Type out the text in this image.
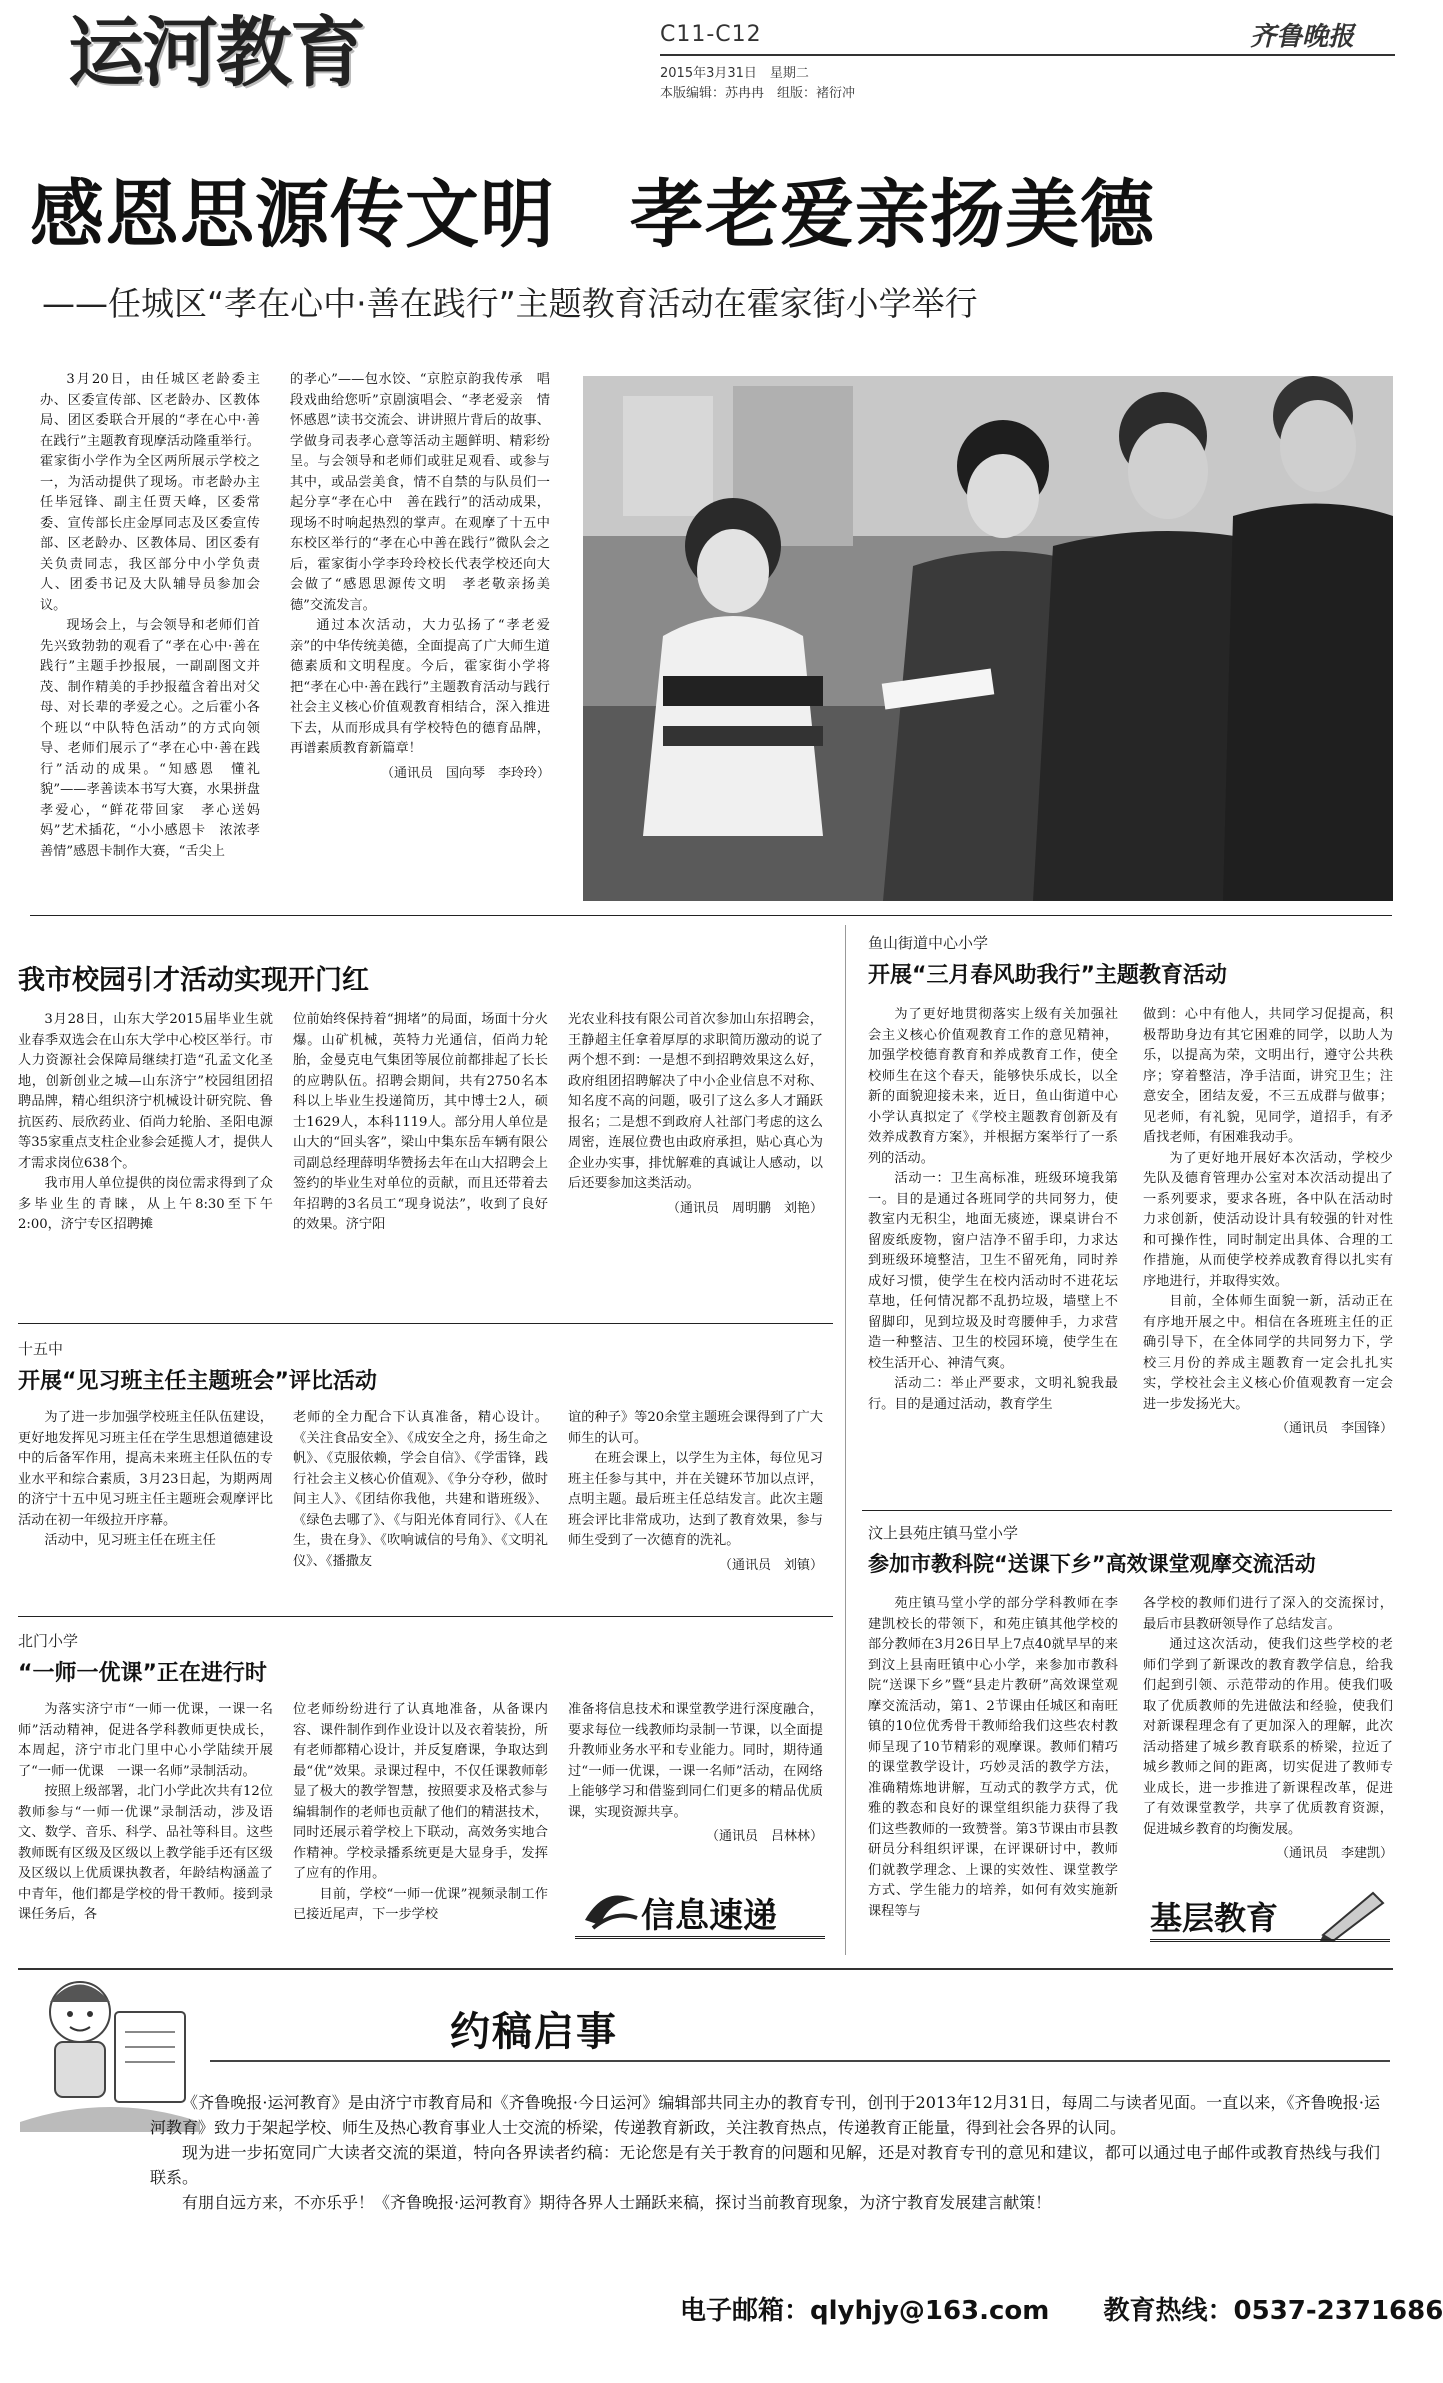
运河教育	C11-C12
2015年3月31日　星期二
本版编辑：苏冉冉　组版：褚衍冲
齐鲁晚报
感恩思源传文明　孝老爱亲扬美德
——任城区“孝在心中·善在践行”主题教育活动在霍家街小学举行

3月20日，由任城区老龄委主办、区委宣传部、区老龄办、区教体局、团区委联合开展的“孝在心中·善在践行”主题教育现摩活动隆重举行。霍家街小学作为全区两所展示学校之一，为活动提供了现场。市老龄办主任毕冠锋、副主任贾天峰，区委常委、宣传部长庄金厚同志及区委宣传部、区老龄办、区教体局、团区委有关负责同志，我区部分中小学负责人、团委书记及大队辅导员参加会议。

现场会上，与会领导和老师们首先兴致勃勃的观看了“孝在心中·善在践行”主题手抄报展，一副副图文并茂、制作精美的手抄报蕴含着出对父母、对长辈的孝爱之心。之后霍小各个班以“中队特色活动”的方式向领导、老师们展示了“孝在心中·善在践行”活动的成果。“知感恩　懂礼貌”——孝善读本书写大赛，水果拼盘孝爱心，“鲜花带回家　孝心送妈妈”艺术插花，“小小感恩卡　浓浓孝善情”感恩卡制作大赛，“舌尖上

的孝心”——包水饺、“京腔京韵我传承　唱段戏曲给您听”京剧演唱会、“孝老爱亲　情怀感恩”读书交流会、讲讲照片背后的故事、学做身司表孝心意等活动主题鲜明、精彩纷呈。与会领导和老师们或驻足观看、或参与其中，或品尝美食，情不自禁的与队员们一起分享“孝在心中　善在践行”的活动成果，现场不时响起热烈的掌声。在观摩了十五中东校区举行的“孝在心中善在践行”微队会之后，霍家街小学李玲玲校长代表学校还向大会做了“感恩思源传文明　孝老敬亲扬美德”交流发言。

通过本次活动，大力弘扬了“孝老爱亲”的中华传统美德，全面提高了广大师生道德素质和文明程度。今后，霍家街小学将把“孝在心中·善在践行”主题教育活动与践行社会主义核心价值观教育相结合，深入推进下去，从而形成具有学校特色的德育品牌，再谱素质教育新篇章！

（通讯员　国向琴　李玲玲）

我市校园引才活动实现开门红

3月28日，山东大学2015届毕业生就业春季双选会在山东大学中心校区举行。市人力资源社会保障局继续打造“孔孟文化圣地，创新创业之城—山东济宁”校园组团招聘品牌，精心组织济宁机械设计研究院、鲁抗医药、辰欣药业、佰尚力轮胎、圣阳电源等35家重点支柱企业参会延揽人才，提供人才需求岗位638个。

我市用人单位提供的岗位需求得到了众多毕业生的青睐，从上午8:30至下午2:00，济宁专区招聘摊

位前始终保持着“拥堵”的局面，场面十分火爆。山矿机械，英特力光通信，佰尚力轮胎，金曼克电气集团等展位前都排起了长长的应聘队伍。招聘会期间，共有2750名本科以上毕业生投递简历，其中博士2人，硕士1629人，本科1119人。部分用人单位是山大的“回头客”，梁山中集东岳车辆有限公司副总经理薛明华赞扬去年在山大招聘会上签约的毕业生对单位的贡献，而且还带着去年招聘的3名员工“现身说法”，收到了良好的效果。济宁阳

光农业科技有限公司首次参加山东招聘会，王静超主任拿着厚厚的求职简历激动的说了两个想不到：一是想不到招聘效果这么好，政府组团招聘解决了中小企业信息不对称、知名度不高的问题，吸引了这么多人才踊跃报名；二是想不到政府人社部门考虑的这么周密，连展位费也由政府承担，贴心真心为企业办实事，排忧解难的真诚让人感动，以后还要参加这类活动。

（通讯员　周明鹏　刘艳）

十五中
开展“见习班主任主题班会”评比活动

为了进一步加强学校班主任队伍建设，更好地发挥见习班主任在学生思想道德建设中的后备军作用，提高未来班主任队伍的专业水平和综合素质，3月23日起，为期两周的济宁十五中见习班主任主题班会观摩评比活动在初一年级拉开序幕。

活动中，见习班主任在班主任

老师的全力配合下认真准备，精心设计。《关注食品安全》、《成安全之舟，扬生命之帆》、《克服依赖，学会自信》、《学雷锋，践行社会主义核心价值观》、《争分夺秒，做时间主人》、《团结你我他，共建和谐班级》、《绿色去哪了》、《与阳光体育同行》、《人在生，贵在身》、《吹响诚信的号角》、《文明礼仪》、《播撒友

谊的种子》等20余堂主题班会课得到了广大师生的认可。

在班会课上，以学生为主体，每位见习班主任参与其中，并在关键环节加以点评，点明主题。最后班主任总结发言。此次主题班会评比非常成功，达到了教育效果，参与师生受到了一次德育的洗礼。

（通讯员　刘镇）

北门小学
“一师一优课”正在进行时

为落实济宁市“一师一优课，一课一名师”活动精神，促进各学科教师更快成长，本周起，济宁市北门里中心小学陆续开展了“一师一优课　一课一名师”录制活动。

按照上级部署，北门小学此次共有12位教师参与“一师一优课”录制活动，涉及语文、数学、音乐、科学、品社等科目。这些教师既有区级及区级以上教学能手还有区级及区级以上优质课执教者，年龄结构涵盖了中青年，他们都是学校的骨干教师。接到录课任务后，各

位老师纷纷进行了认真地准备，从备课内容、课件制作到作业设计以及衣着装扮，所有老师都精心设计，并反复磨课，争取达到最“优”效果。录课过程中，不仅任课教师彰显了极大的教学智慧，按照要求及格式参与编辑制作的老师也贡献了他们的精湛技术，同时还展示着学校上下联动，高效务实地合作精神。学校录播系统更是大显身手，发挥了应有的作用。

目前，学校“一师一优课”视频录制工作已接近尾声，下一步学校

准备将信息技术和课堂教学进行深度融合，要求每位一线教师均录制一节课，以全面提升教师业务水平和专业能力。同时，期待通过“一师一优课，一课一名师”活动，在网络上能够学习和借鉴到同仁们更多的精品优质课，实现资源共享。

（通讯员　吕林林）

信息速递
鱼山街道中心小学
开展“三月春风助我行”主题教育活动

为了更好地贯彻落实上级有关加强社会主义核心价值观教育工作的意见精神，加强学校德育教育和养成教育工作，使全校师生在这个春天，能够快乐成长，以全新的面貌迎接未来，近日，鱼山街道中心小学认真拟定了《学校主题教育创新及有效养成教育方案》，并根据方案举行了一系列的活动。

活动一：卫生高标准，班级环境我第一。目的是通过各班同学的共同努力，使教室内无积尘，地面无痰迹，课桌讲台不留废纸废物，窗户洁净不留手印，力求达到班级环境整洁，卫生不留死角，同时养成好习惯，使学生在校内活动时不进花坛草地，任何情况都不乱扔垃圾，墙壁上不留脚印，见到垃圾及时弯腰伸手，力求营造一种整洁、卫生的校园环境，使学生在校生活开心、神清气爽。

活动二：举止严要求，文明礼貌我最行。目的是通过活动，教育学生

做到：心中有他人，共同学习促提高，积极帮助身边有其它困难的同学，以助人为乐，以提高为荣，文明出行，遵守公共秩序；穿着整洁，净手洁面，讲究卫生；注意安全，团结友爱，不三五成群与做事；见老师，有礼貌，见同学，道招手，有矛盾找老师，有困难我动手。

为了更好地开展好本次活动，学校少先队及德育管理办公室对本次活动提出了一系列要求，要求各班，各中队在活动时力求创新，使活动设计具有较强的针对性和可操作性，同时制定出具体、合理的工作措施，从而使学校养成教育得以扎实有序地进行，并取得实效。

目前，全体师生面貌一新，活动正在有序地开展之中。相信在各班班主任的正确引导下，在全体同学的共同努力下，学校三月份的养成主题教育一定会扎扎实实，学校社会主义核心价值观教育一定会进一步发扬光大。

（通讯员　李国锋）

汶上县苑庄镇马堂小学
参加市教科院“送课下乡”高效课堂观摩交流活动

苑庄镇马堂小学的部分学科教师在李建凯校长的带领下，和苑庄镇其他学校的部分教师在3月26日早上7点40就早早的来到汶上县南旺镇中心小学，来参加市教科院“送课下乡”暨“县走片教研”高效课堂观摩交流活动，第1、2节课由任城区和南旺镇的10位优秀骨干教师给我们这些农村教师呈现了10节精彩的观摩课。教师们精巧的课堂教学设计，巧妙灵活的教学方法，准确精炼地讲解，互动式的教学方式，优雅的教态和良好的课堂组织能力获得了我们这些教师的一致赞誉。第3节课由市县教研员分科组织评课，在评课研讨中，教师们就教学理念、上课的实效性、课堂教学方式、学生能力的培养，如何有效实施新课程等与

各学校的教师们进行了深入的交流探讨，最后市县教研领导作了总结发言。

通过这次活动，使我们这些学校的老师们学到了新课改的教育教学信息，给我们起到引领、示范带动的作用。使我们吸取了优质教师的先进做法和经验，使我们对新课程理念有了更加深入的理解，此次活动搭建了城乡教育联系的桥梁，拉近了城乡教师之间的距离，切实促进了教师专业成长，进一步推进了新课程改革，促进了有效课堂教学，共享了优质教育资源，促进城乡教育的均衡发展。

（通讯员　李建凯）

基层教育
约稿启事

《齐鲁晚报·运河教育》是由济宁市教育局和《齐鲁晚报·今日运河》编辑部共同主办的教育专刊，创刊于2013年12月31日，每周二与读者见面。一直以来，《齐鲁晚报·运河教育》致力于架起学校、师生及热心教育事业人士交流的桥梁，传递教育新政，关注教育热点，传递教育正能量，得到社会各界的认同。

现为进一步拓宽同广大读者交流的渠道，特向各界读者约稿：无论您是有关于教育的问题和见解，还是对教育专刊的意见和建议，都可以通过电子邮件或教育热线与我们联系。

有朋自远方来，不亦乐乎！《齐鲁晚报·运河教育》期待各界人士踊跃来稿，探讨当前教育现象，为济宁教育发展建言献策！

电子邮箱：qlyhjy@163.com 教育热线：0537-2371686
